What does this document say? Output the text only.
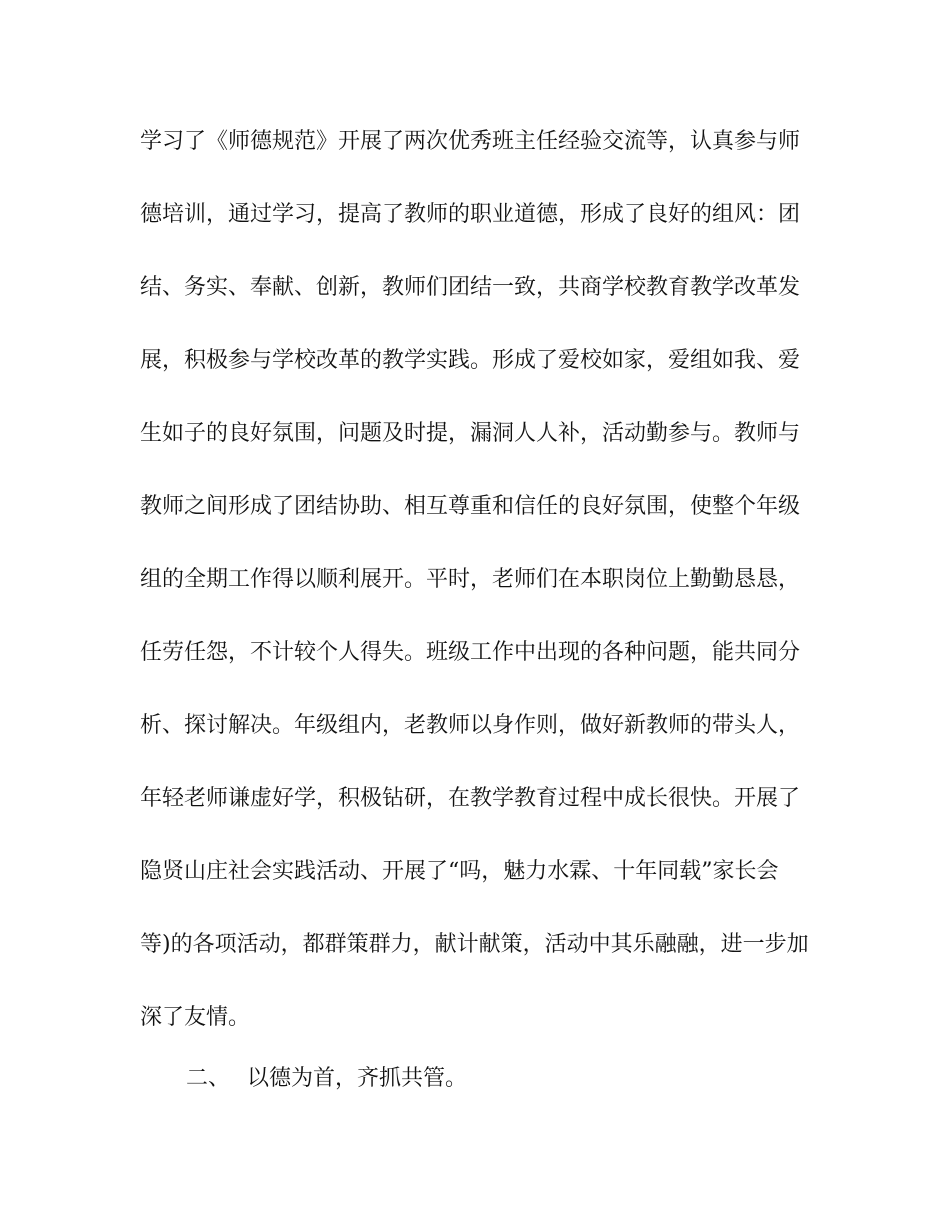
学习了《师德规范》开展了两次优秀班主任经验交流等，认真参与师
德培训，通过学习，提高了教师的职业道德，形成了良好的组风：团
结、务实、奉献、创新，教师们团结一致，共商学校教育教学改革发
展，积极参与学校改革的教学实践。形成了爱校如家，爱组如我、爱
生如子的良好氛围，问题及时提，漏洞人人补，活动勤参与。教师与
教师之间形成了团结协助、相互尊重和信任的良好氛围，使整个年级
组的全期工作得以顺利展开。平时，老师们在本职岗位上勤勤恳恳，
任劳任怨，不计较个人得失。班级工作中出现的各种问题，能共同分
析、探讨解决。年级组内，老教师以身作则，做好新教师的带头人，
年轻老师谦虚好学，积极钻研，在教学教育过程中成长很快。开展了
隐贤山庄社会实践活动、开展了“吗，魅力水霖、十年同载”家长会
等)的各项活动，都群策群力，献计献策，活动中其乐融融，进一步加
深了友情。
二、 以德为首，齐抓共管。
